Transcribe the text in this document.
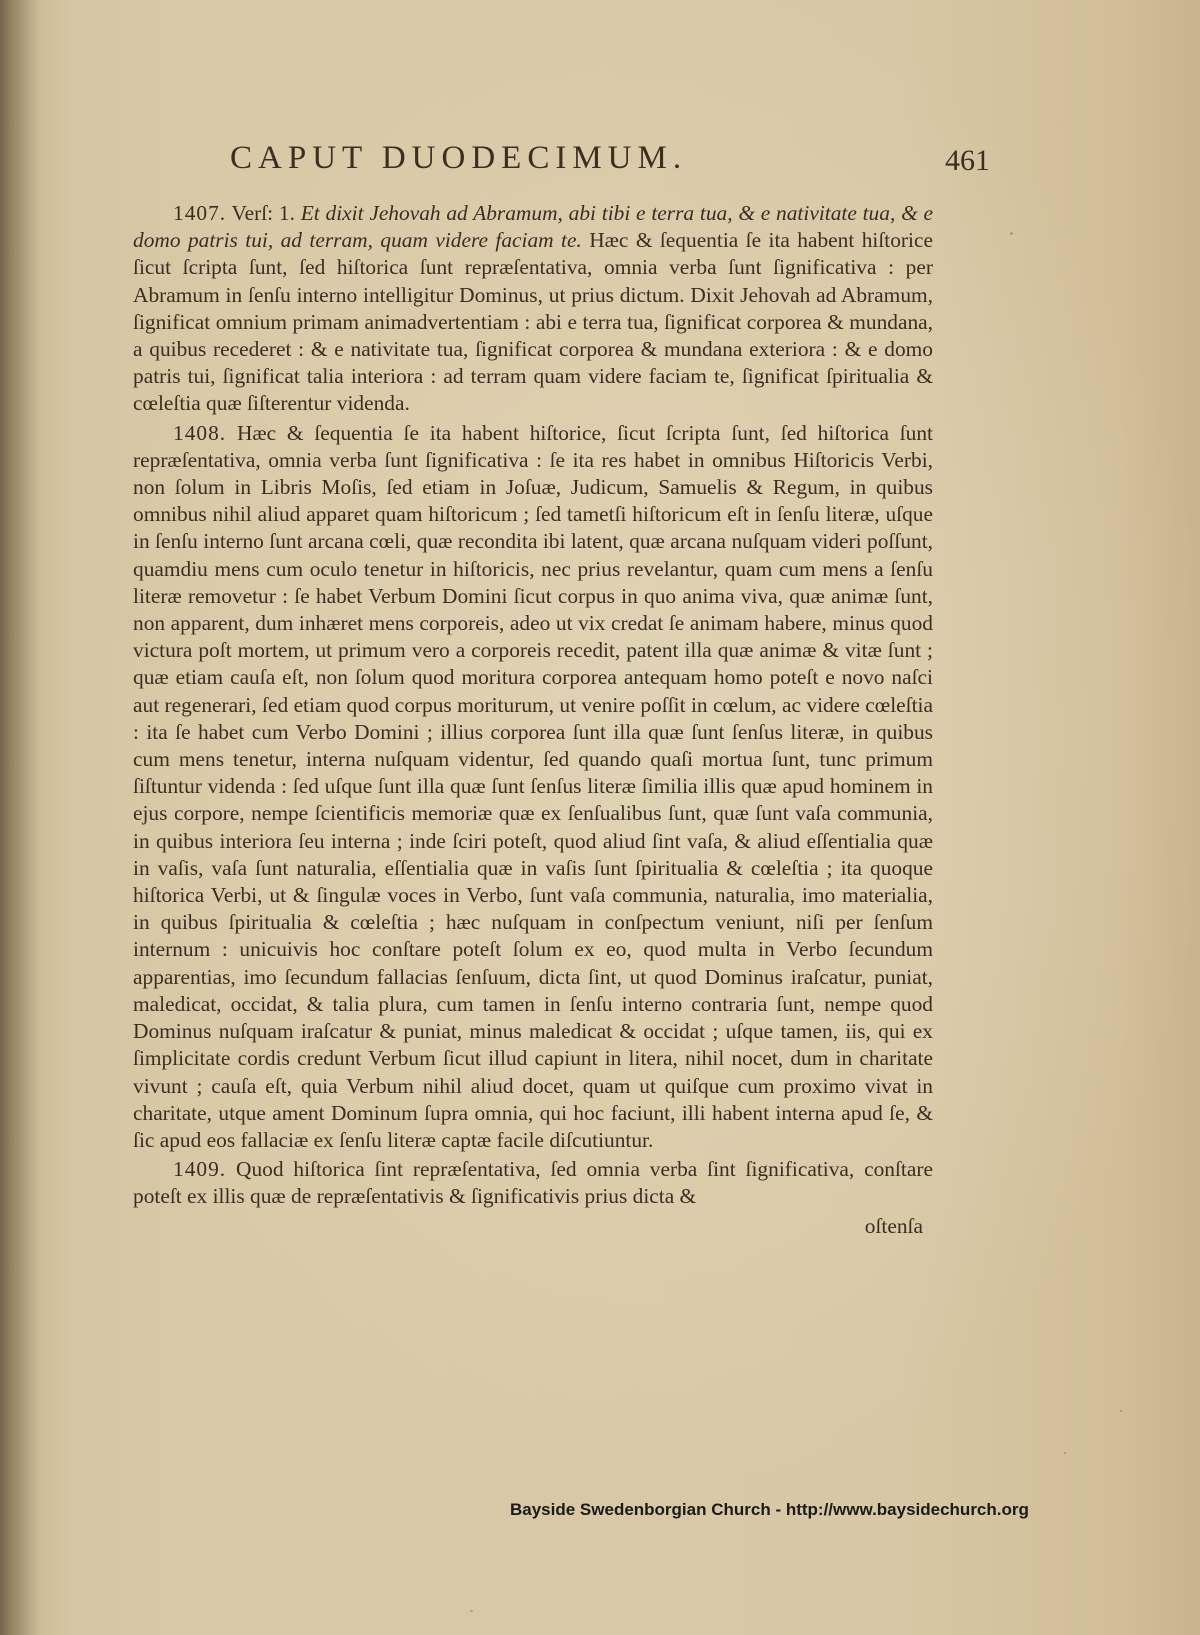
CAPUT DUODECIMUM.	461

1407. Verſ: 1. Et dixit Jehovah ad Abramum, abi tibi e terra tua, & e nativitate tua, & e domo patris tui, ad terram, quam videre faciam te. Hæc & ſequentia ſe ita habent hiſtorice ſicut ſcripta ſunt, ſed hiſtorica ſunt repræſentativa, omnia verba ſunt ſignificativa : per Abramum in ſenſu interno intelligitur Dominus, ut prius dictum. Dixit Jehovah ad Abramum, ſignificat omnium primam animadvertentiam : abi e terra tua, ſignificat corporea & mundana, a quibus recederet : & e nativitate tua, ſignificat corporea & mundana exteriora : & e domo patris tui, ſignificat talia interiora : ad terram quam videre faciam te, ſignificat ſpiritualia & cœleſtia quæ ſiſterentur videnda.

1408. Hæc & ſequentia ſe ita habent hiſtorice, ſicut ſcripta ſunt, ſed hiſtorica ſunt repræſentativa, omnia verba ſunt ſignificativa : ſe ita res habet in omnibus Hiſtoricis Verbi, non ſolum in Libris Moſis, ſed etiam in Joſuæ, Judicum, Samuelis & Regum, in quibus omnibus nihil aliud apparet quam hiſtoricum ; ſed tametſi hiſtoricum eſt in ſenſu literæ, uſque in ſenſu interno ſunt arcana cœli, quæ recondita ibi latent, quæ arcana nuſquam videri poſſunt, quamdiu mens cum oculo tenetur in hiſtoricis, nec prius revelantur, quam cum mens a ſenſu literæ removetur : ſe habet Verbum Domini ſicut corpus in quo anima viva, quæ animæ ſunt, non apparent, dum inhæret mens corporeis, adeo ut vix credat ſe animam habere, minus quod victura poſt mortem, ut primum vero a corporeis recedit, patent illa quæ animæ & vitæ ſunt ; quæ etiam cauſa eſt, non ſolum quod moritura corporea antequam homo poteſt e novo naſci aut regenerari, ſed etiam quod corpus moriturum, ut venire poſſit in cœlum, ac videre cœleſtia : ita ſe habet cum Verbo Domini ; illius corporea ſunt illa quæ ſunt ſenſus literæ, in quibus cum mens tenetur, interna nuſquam videntur, ſed quando quaſi mortua ſunt, tunc primum ſiſtuntur videnda : ſed uſque ſunt illa quæ ſunt ſenſus literæ ſimilia illis quæ apud hominem in ejus corpore, nempe ſcientificis memoriæ quæ ex ſenſualibus ſunt, quæ ſunt vaſa communia, in quibus interiora ſeu interna ; inde ſciri poteſt, quod aliud ſint vaſa, & aliud eſſentialia quæ in vaſis, vaſa ſunt naturalia, eſſentialia quæ in vaſis ſunt ſpiritualia & cœleſtia ; ita quoque hiſtorica Verbi, ut & ſingulæ voces in Verbo, ſunt vaſa communia, naturalia, imo materialia, in quibus ſpiritualia & cœleſtia ; hæc nuſquam in conſpectum veniunt, niſi per ſenſum internum : unicuivis hoc conſtare poteſt ſolum ex eo, quod multa in Verbo ſecundum apparentias, imo ſecundum fallacias ſenſuum, dicta ſint, ut quod Dominus iraſcatur, puniat, maledicat, occidat, & talia plura, cum tamen in ſenſu interno contraria ſunt, nempe quod Dominus nuſquam iraſcatur & puniat, minus maledicat & occidat ; uſque tamen, iis, qui ex ſimplicitate cordis credunt Verbum ſicut illud capiunt in litera, nihil nocet, dum in charitate vivunt ; cauſa eſt, quia Verbum nihil aliud docet, quam ut quiſque cum proximo vivat in charitate, utque ament Dominum ſupra omnia, qui hoc faciunt, illi habent interna apud ſe, & ſic apud eos fallaciæ ex ſenſu literæ captæ facile diſcutiuntur.

1409. Quod hiſtorica ſint repræſentativa, ſed omnia verba ſint ſignificativa, conſtare poteſt ex illis quæ de repræſentativis & ſignificativis prius dicta &

oſtenſa
Bayside Swedenborgian Church - http://www.baysidechurch.org
